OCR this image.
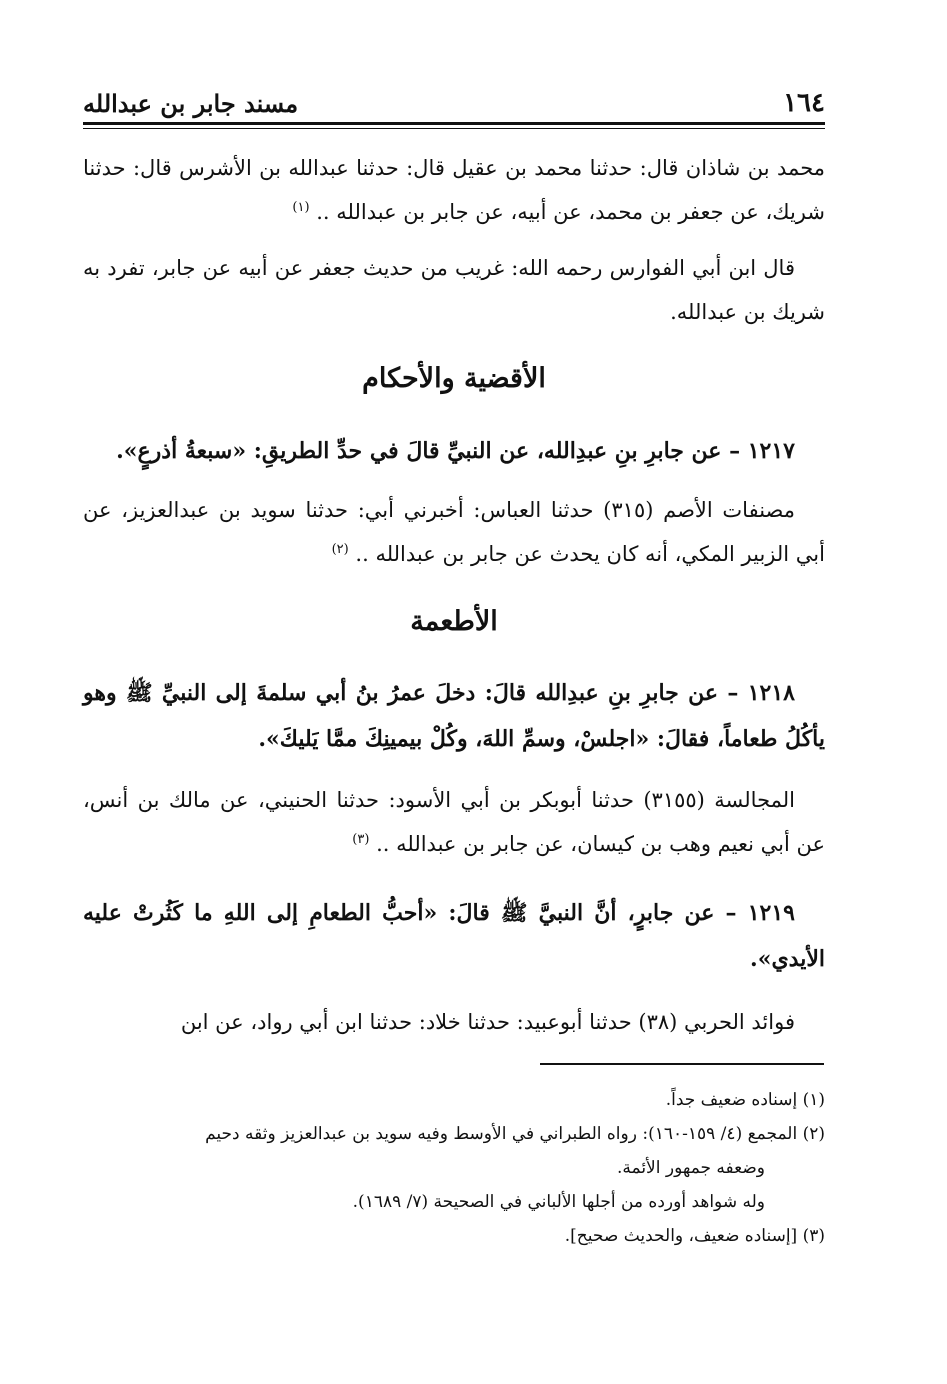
١٦٤
مسند جابر بن عبدالله
محمد بن شاذان قال: حدثنا محمد بن عقيل قال: حدثنا عبدالله بن الأشرس قال: حدثنا شريك، عن جعفر بن محمد، عن أبيه، عن جابر بن عبدالله .. $^{(١)}$
قال ابن أبي الفوارس رحمه الله: غريب من حديث جعفر عن أبيه عن جابر، تفرد به شريك بن عبدالله.
الأقضية والأحكام
١٢١٧ – عن جابرِ بنِ عبدِالله، عن النبيِّ قالَ في حدِّ الطريقِ: «سبعةُ أذرعٍ».
مصنفات الأصم (٣١٥) حدثنا العباس: أخبرني أبي: حدثنا سويد بن عبدالعزيز، عن أبي الزبير المكي، أنه كان يحدث عن جابر بن عبدالله .. $^{(٢)}$
الأطعمة
١٢١٨ – عن جابرِ بنِ عبدِالله قالَ: دخلَ عمرُ بنُ أبي سلمةَ إلى النبيِّ ﷺ وهو يأكُلُ طعاماً، فقالَ: «اجلسْ، وسمِّ اللهَ، وكُلْ بيمينِكَ ممَّا يَليكَ».
المجالسة (٣١٥٥) حدثنا أبوبكر بن أبي الأسود: حدثنا الحنيني، عن مالك بن أنس، عن أبي نعيم وهب بن كيسان، عن جابر بن عبدالله .. $^{(٣)}$
١٢١٩ – عن جابرٍ، أنَّ النبيَّ ﷺ قالَ: «أحبُّ الطعامِ إلى اللهِ ما كَثُرتْ عليه الأيدي».
فوائد الحربي (٣٨) حدثنا أبوعبيد: حدثنا خلاد: حدثنا ابن أبي رواد، عن ابن
(١) إسناده ضعيف جداً.
(٢) المجمع (٤/ ١٥٩-١٦٠): رواه الطبراني في الأوسط وفيه سويد بن عبدالعزيز وثقه دحيم
وضعفه جمهور الأئمة.
وله شواهد أورده من أجلها الألباني في الصحيحة (٧/ ١٦٨٩).
(٣) [إسناده ضعيف، والحديث صحيح].
